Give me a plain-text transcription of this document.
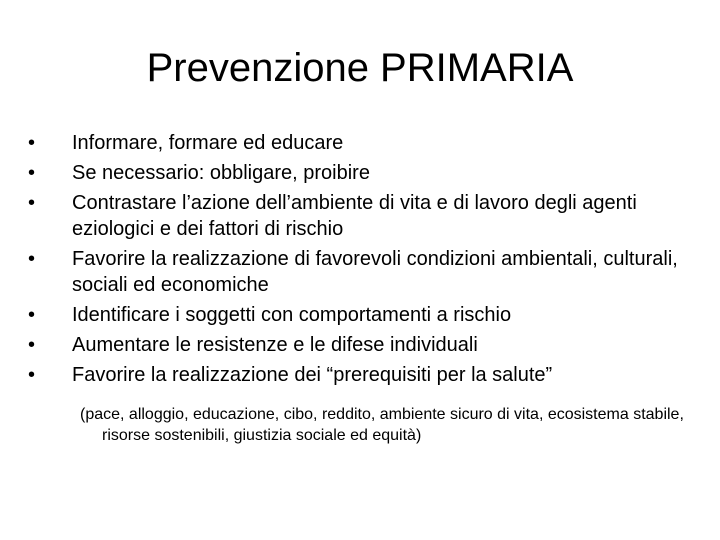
Prevenzione PRIMARIA
•	Informare, formare ed educare
•	Se necessario: obbligare, proibire
•	Contrastare l’azione dell’ambiente di vita e di lavoro degli agenti eziologici e dei fattori di rischio
•	Favorire la realizzazione di favorevoli condizioni ambientali, culturali, sociali ed economiche
•	Identificare i soggetti con comportamenti a rischio
•	Aumentare le resistenze e le difese individuali
•	Favorire la realizzazione dei “prerequisiti per la salute”
(pace, alloggio, educazione, cibo, reddito, ambiente sicuro di vita, ecosistema stabile, risorse sostenibili, giustizia sociale ed equità)
